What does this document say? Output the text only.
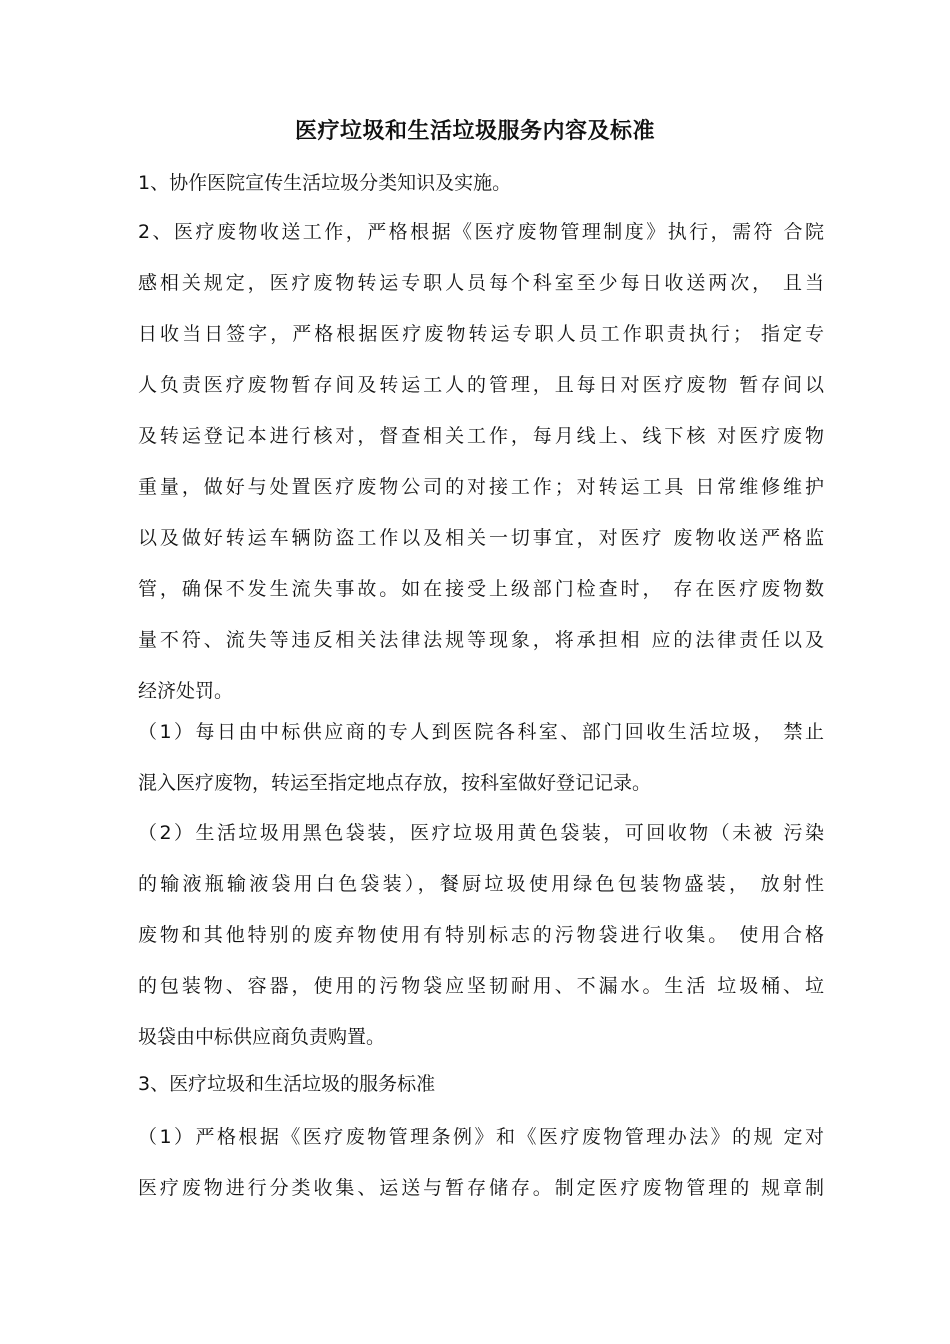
医疗垃圾和生活垃圾服务内容及标准
1、协作医院宣传生活垃圾分类知识及实施。
2、医疗废物收送工作，严格根据《医疗废物管理制度》执行，需符 合院
感相关规定，医疗废物转运专职人员每个科室至少每日收送两次， 且当
日收当日签字，严格根据医疗废物转运专职人员工作职责执行； 指定专
人负责医疗废物暂存间及转运工人的管理，且每日对医疗废物 暂存间以
及转运登记本进行核对，督查相关工作，每月线上、线下核 对医疗废物
重量，做好与处置医疗废物公司的对接工作；对转运工具 日常维修维护
以及做好转运车辆防盗工作以及相关一切事宜，对医疗 废物收送严格监
管，确保不发生流失事故。如在接受上级部门检查时， 存在医疗废物数
量不符、流失等违反相关法律法规等现象，将承担相 应的法律责任以及
经济处罚。
（1）每日由中标供应商的专人到医院各科室、部门回收生活垃圾， 禁止
混入医疗废物，转运至指定地点存放，按科室做好登记记录。
（2）生活垃圾用黑色袋装，医疗垃圾用黄色袋装，可回收物（未被 污染
的输液瓶输液袋用白色袋装），餐厨垃圾使用绿色包装物盛装， 放射性
废物和其他特别的废弃物使用有特别标志的污物袋进行收集。 使用合格
的包装物、容器，使用的污物袋应坚韧耐用、不漏水。生活 垃圾桶、垃
圾袋由中标供应商负责购置。
3、医疗垃圾和生活垃圾的服务标准
（1）严格根据《医疗废物管理条例》和《医疗废物管理办法》的规 定对
医疗废物进行分类收集、运送与暂存储存。制定医疗废物管理的 规章制
